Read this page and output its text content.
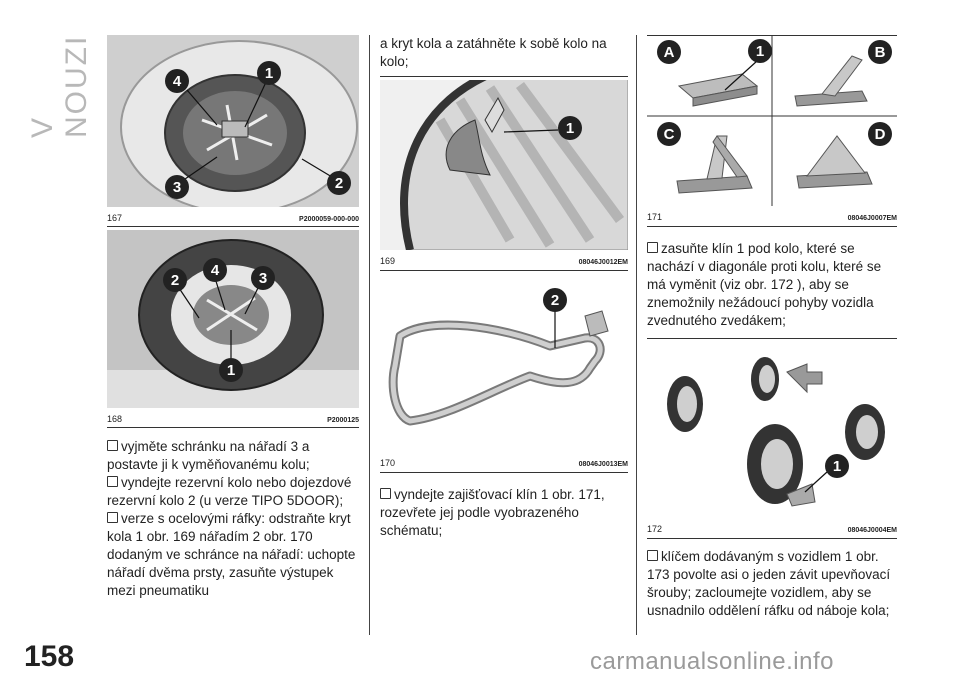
V NOUZI	4	1
3	2
167	P2000059-000-000
2
4	3
1
168	P2000125

vyjměte schránku na nářadí 3 a postavte ji k vyměňovanému kolu;

vyndejte rezervní kolo nebo dojezdové rezervní kolo 2 (u verze TIPO 5DOOR);

verze s ocelovými ráfky: odstraňte kryt kola 1 obr. 169 nářadím 2 obr. 170 dodaným ve schránce na nářadí: uchopte nářadí dvěma prsty, zasuňte výstupek mezi pneumatiku

a kryt kola a zatáhněte k sobě kolo na kolo;

1
169	08046J0012EM
2
170	08046J0013EM

vyndejte zajišťovací klín 1 obr. 171, rozevřete jej podle vyobrazeného schématu;

A	1	B
C	D
171	08046J0007EM

zasuňte klín 1 pod kolo, které se nachází v diagonále proti kolu, které se má vyměnit (viz obr. 172 ), aby se znemožnily nežádoucí pohyby vozidla zvednutého zvedákem;

1
172	08046J0004EM

klíčem dodávaným s vozidlem 1 obr. 173 povolte asi o jeden závit upevňovací šrouby; zacloumejte vozidlem, aby se usnadnilo oddělení ráfku od náboje kola;

158	carmanualsonline.info
